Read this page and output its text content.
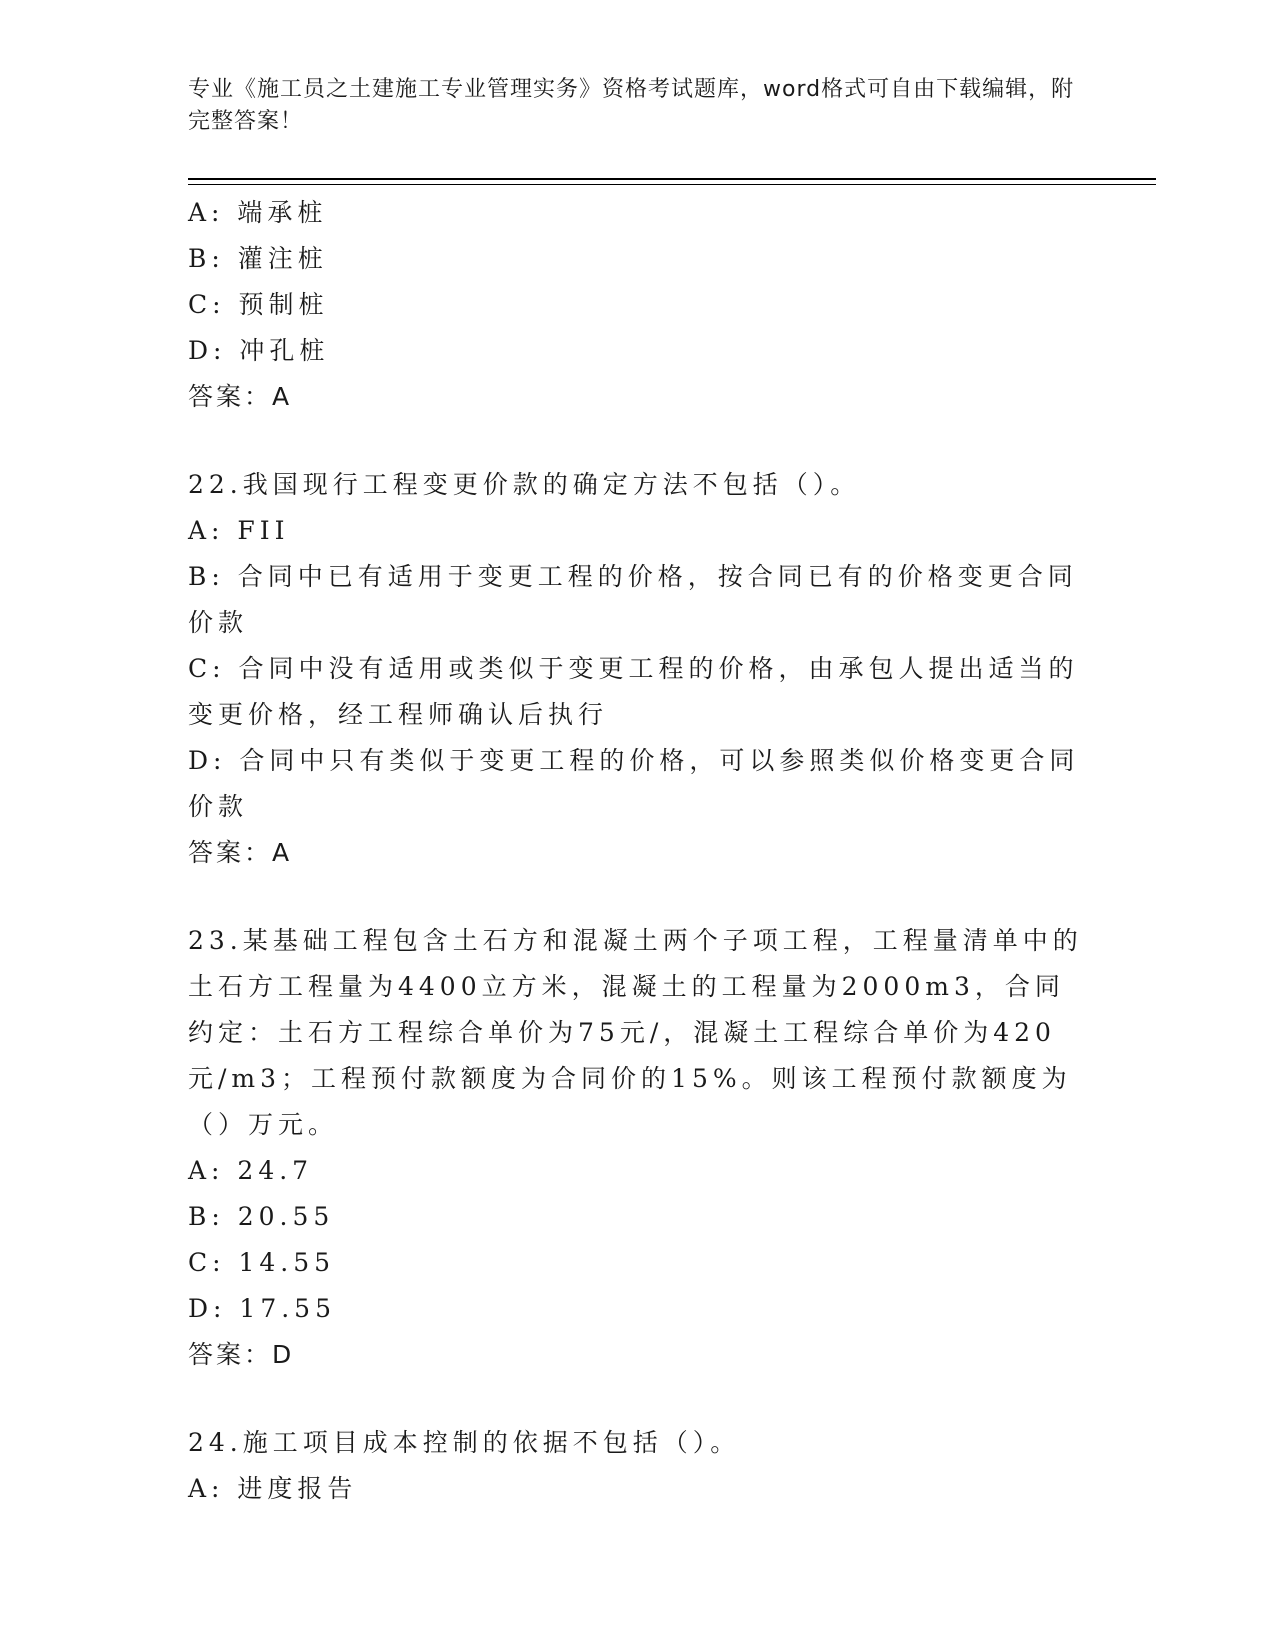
专业《施工员之土建施工专业管理实务》资格考试题库，word格式可自由下载编辑，附完整答案！
A: 端承桩
B: 灌注桩
C: 预制桩
D: 冲孔桩
答案：A
22.我国现行工程变更价款的确定方法不包括（）。
A: FII
B: 合同中已有适用于变更工程的价格，按合同已有的价格变更合同价款
C: 合同中没有适用或类似于变更工程的价格，由承包人提出适当的变更价格，经工程师确认后执行
D: 合同中只有类似于变更工程的价格，可以参照类似价格变更合同价款
答案：A
23.某基础工程包含土石方和混凝土两个子项工程，工程量清单中的土石方工程量为4400立方米，混凝土的工程量为2000m3，合同约定：土石方工程综合单价为75元/，混凝土工程综合单价为420元/m3；工程预付款额度为合同价的15%。则该工程预付款额度为（）万元。
A: 24.7
B: 20.55
C: 14.55
D: 17.55
答案：D
24.施工项目成本控制的依据不包括（）。
A: 进度报告
